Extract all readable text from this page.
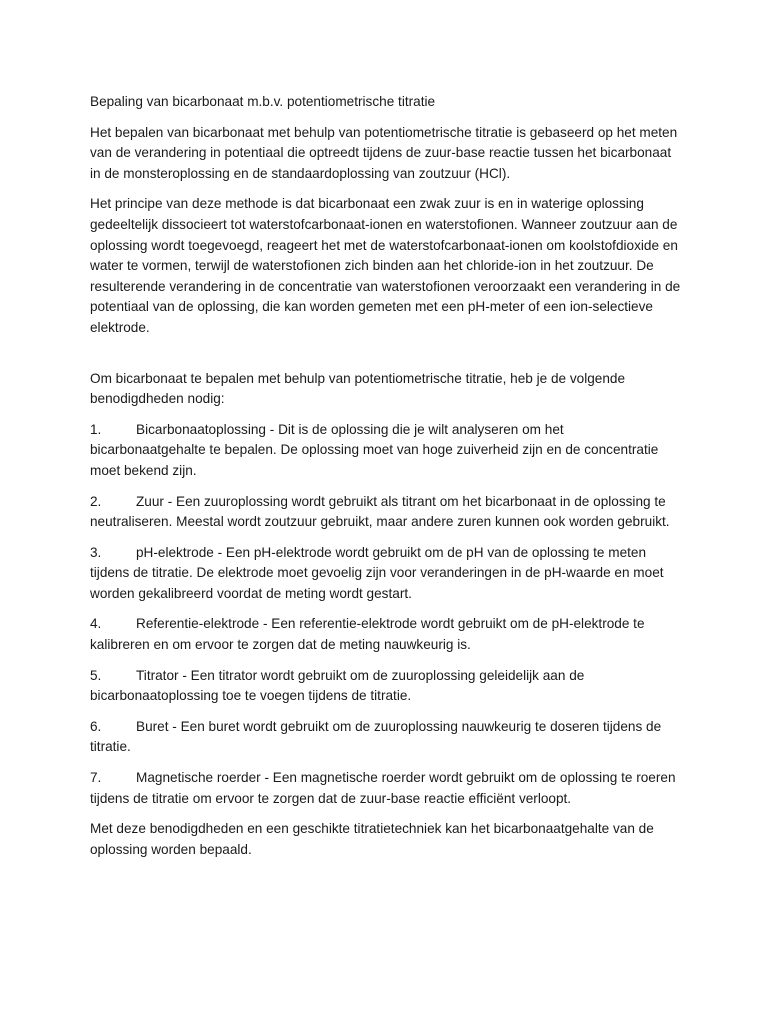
Bepaling van bicarbonaat m.b.v. potentiometrische titratie

Het bepalen van bicarbonaat met behulp van potentiometrische titratie is gebaseerd op het meten van de verandering in potentiaal die optreedt tijdens de zuur-base reactie tussen het bicarbonaat in de monsteroplossing en de standaardoplossing van zoutzuur (HCl).

Het principe van deze methode is dat bicarbonaat een zwak zuur is en in waterige oplossing gedeeltelijk dissocieert tot waterstofcarbonaat-ionen en waterstofionen. Wanneer zoutzuur aan de oplossing wordt toegevoegd, reageert het met de waterstofcarbonaat-ionen om koolstofdioxide en water te vormen, terwijl de waterstofionen zich binden aan het chloride-ion in het zoutzuur. De resulterende verandering in de concentratie van waterstofionen veroorzaakt een verandering in de potentiaal van de oplossing, die kan worden gemeten met een pH-meter of een ion-selectieve elektrode.

Om bicarbonaat te bepalen met behulp van potentiometrische titratie, heb je de volgende benodigdheden nodig:

1.	Bicarbonaatoplossing - Dit is de oplossing die je wilt analyseren om het bicarbonaatgehalte te bepalen. De oplossing moet van hoge zuiverheid zijn en de concentratie moet bekend zijn.

2.	Zuur - Een zuuroplossing wordt gebruikt als titrant om het bicarbonaat in de oplossing te neutraliseren. Meestal wordt zoutzuur gebruikt, maar andere zuren kunnen ook worden gebruikt.

3.	pH-elektrode - Een pH-elektrode wordt gebruikt om de pH van de oplossing te meten tijdens de titratie. De elektrode moet gevoelig zijn voor veranderingen in de pH-waarde en moet worden gekalibreerd voordat de meting wordt gestart.

4.	Referentie-elektrode - Een referentie-elektrode wordt gebruikt om de pH-elektrode te kalibreren en om ervoor te zorgen dat de meting nauwkeurig is.

5.	Titrator - Een titrator wordt gebruikt om de zuuroplossing geleidelijk aan de bicarbonaatoplossing toe te voegen tijdens de titratie.

6.	Buret - Een buret wordt gebruikt om de zuuroplossing nauwkeurig te doseren tijdens de titratie.

7.	Magnetische roerder - Een magnetische roerder wordt gebruikt om de oplossing te roeren tijdens de titratie om ervoor te zorgen dat de zuur-base reactie efficiënt verloopt.

Met deze benodigdheden en een geschikte titratietechniek kan het bicarbonaatgehalte van de oplossing worden bepaald.
